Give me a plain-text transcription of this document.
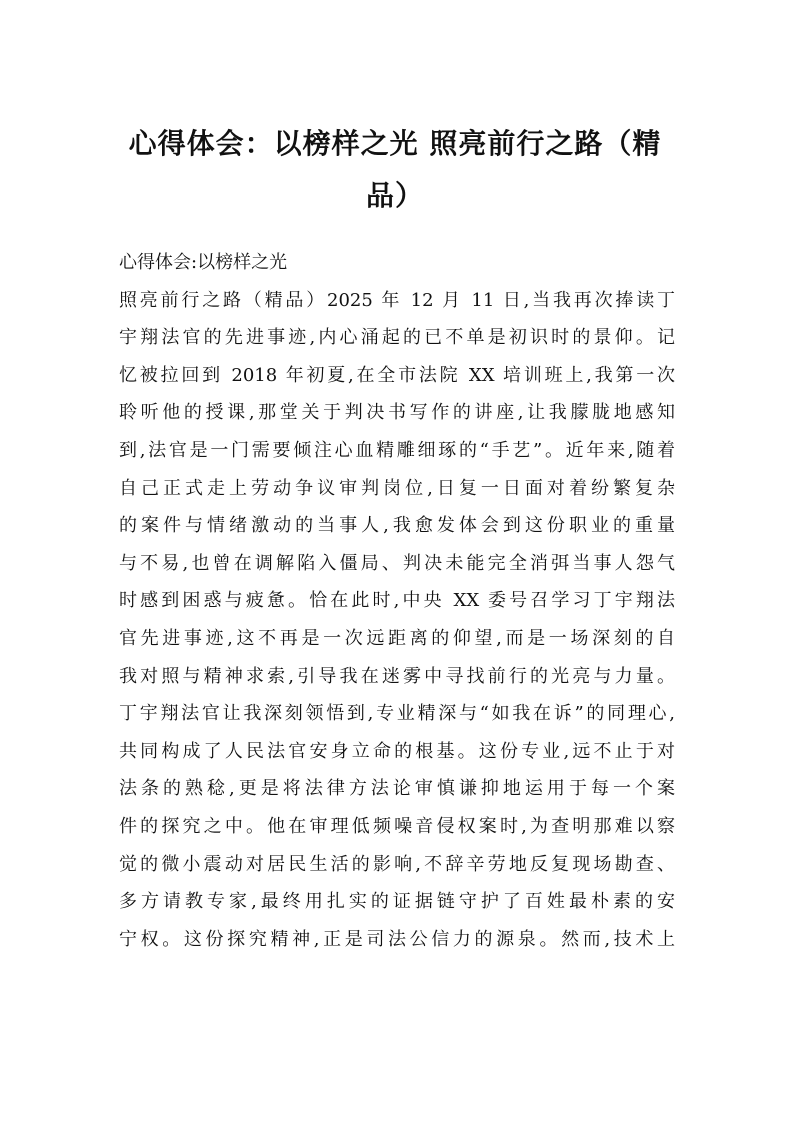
心得体会：以榜样之光 照亮前行之路（精品）
心得体会:以榜样之光
照亮前行之路（精品）2025 年 12 月 11 日,当我再次捧读丁
宇翔法官的先进事迹,内心涌起的已不单是初识时的景仰。记
忆被拉回到 2018 年初夏,在全市法院 XX 培训班上,我第一次
聆听他的授课,那堂关于判决书写作的讲座,让我朦胧地感知
到,法官是一门需要倾注心血精雕细琢的“手艺”。近年来,随着
自己正式走上劳动争议审判岗位,日复一日面对着纷繁复杂
的案件与情绪激动的当事人,我愈发体会到这份职业的重量
与不易,也曾在调解陷入僵局、判决未能完全消弭当事人怨气
时感到困惑与疲惫。恰在此时,中央 XX 委号召学习丁宇翔法
官先进事迹,这不再是一次远距离的仰望,而是一场深刻的自
我对照与精神求索,引导我在迷雾中寻找前行的光亮与力量。
丁宇翔法官让我深刻领悟到,专业精深与“如我在诉”的同理心,
共同构成了人民法官安身立命的根基。这份专业,远不止于对
法条的熟稔,更是将法律方法论审慎谦抑地运用于每一个案
件的探究之中。他在审理低频噪音侵权案时,为查明那难以察
觉的微小震动对居民生活的影响,不辞辛劳地反复现场勘查、
多方请教专家,最终用扎实的证据链守护了百姓最朴素的安
宁权。这份探究精神,正是司法公信力的源泉。然而,技术上
